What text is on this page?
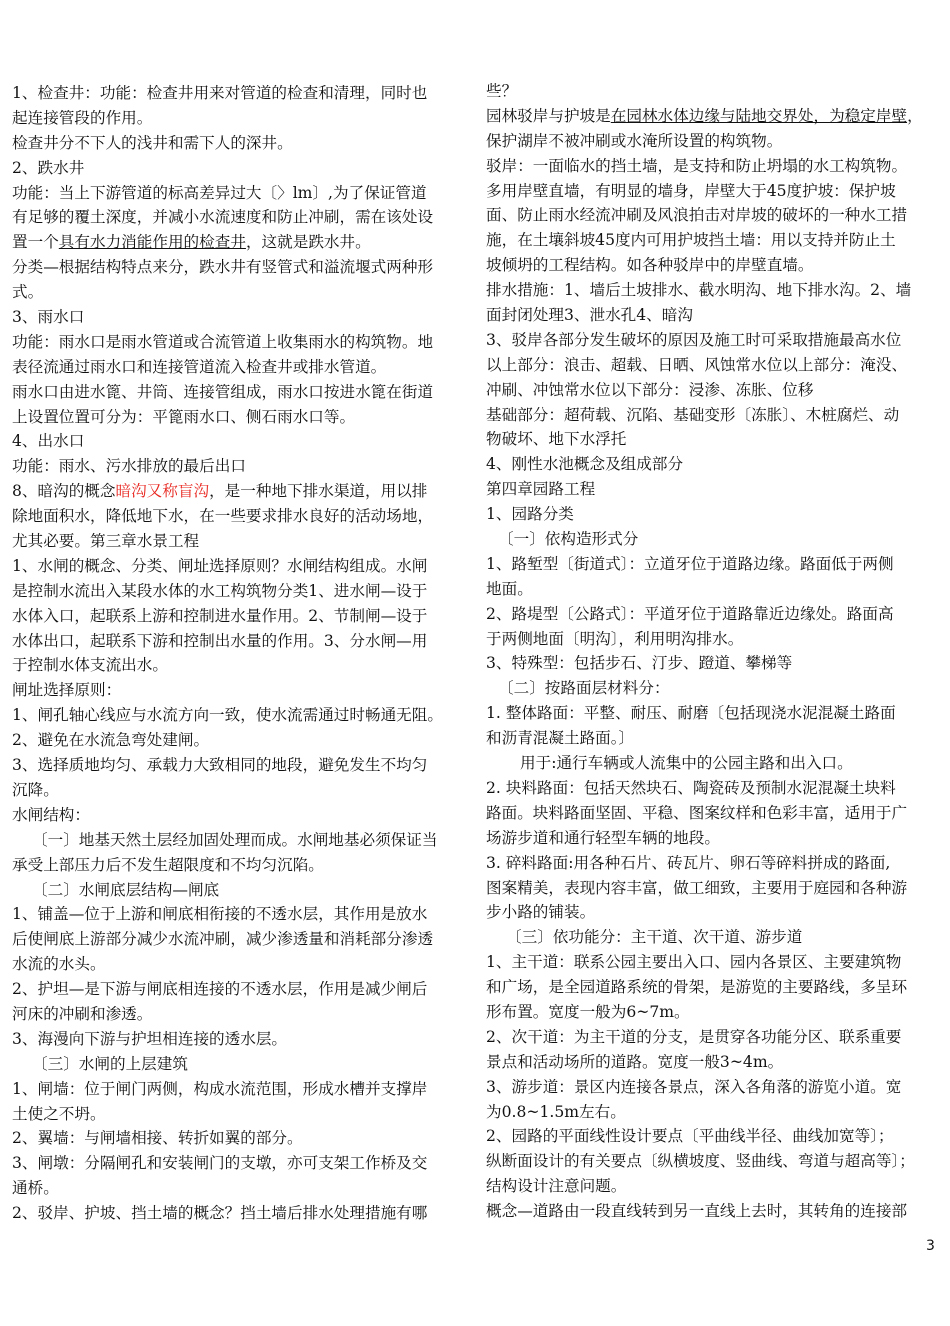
1、检查井：功能：检查井用来对管道的检查和清理，同时也
起连接管段的作用。
检查井分不下人的浅井和需下人的深井。
2、跌水井
功能：当上下游管道的标高差异过大〔〉lm〕,为了保证管道
有足够的覆土深度，并减小水流速度和防止冲刷，需在该处设
置一个具有水力消能作用的检查井，这就是跌水井。
分类—根据结构特点来分，跌水井有竖管式和溢流堰式两种形
式。
3、雨水口
功能：雨水口是雨水管道或合流管道上收集雨水的构筑物。地
表径流通过雨水口和连接管道流入检查井或排水管道。
雨水口由进水篦、井筒、连接管组成，雨水口按进水篦在街道
上设置位置可分为：平篦雨水口、侧石雨水口等。
4、出水口
功能：雨水、污水排放的最后出口
8、暗沟的概念暗沟又称盲沟，是一种地下排水渠道，用以排
除地面积水，降低地下水，在一些要求排水良好的活动场地，
尤其必要。第三章水景工程
1、水闸的概念、分类、闸址选择原则？水闸结构组成。水闸
是控制水流出入某段水体的水工构筑物分类1、进水闸—设于
水体入口，起联系上游和控制进水量作用。2、节制闸—设于
水体出口，起联系下游和控制出水量的作用。3、分水闸—用
于控制水体支流出水。
闸址选择原则：
1、闸孔轴心线应与水流方向一致，使水流需通过时畅通无阻。
2、避免在水流急弯处建闸。
3、选择质地均匀、承载力大致相同的地段，避免发生不均匀
沉降。
水闸结构：
〔一〕地基天然土层经加固处理而成。水闸地基必须保证当
承受上部压力后不发生超限度和不均匀沉陷。
〔二〕水闸底层结构—闸底
1、铺盖—位于上游和闸底相衔接的不透水层，其作用是放水
后使闸底上游部分减少水流冲刷，减少渗透量和消耗部分渗透
水流的水头。
2、护坦—是下游与闸底相连接的不透水层，作用是减少闸后
河床的冲刷和渗透。
3、海漫向下游与护坦相连接的透水层。
〔三〕水闸的上层建筑
1、闸墙：位于闸门两侧，构成水流范围，形成水槽并支撑岸
土使之不坍。
2、翼墙：与闸墙相接、转折如翼的部分。
3、闸墩：分隔闸孔和安装闸门的支墩，亦可支架工作桥及交
通桥。
2、驳岸、护坡、挡土墙的概念？挡土墙后排水处理措施有哪
些？
园林驳岸与护坡是在园林水体边缘与陆地交界处，为稳定岸壁，
保护湖岸不被冲刷或水淹所设置的构筑物。
驳岸：一面临水的挡土墙，是支持和防止坍塌的水工构筑物。
多用岸壁直墙，有明显的墙身，岸壁大于45度护坡：保护坡
面、防止雨水经流冲刷及风浪拍击对岸坡的破坏的一种水工措
施，在土壤斜坡45度内可用护坡挡土墙：用以支持并防止土
坡倾坍的工程结构。如各种驳岸中的岸壁直墙。
排水措施：1、墙后土坡排水、截水明沟、地下排水沟。2、墙
面封闭处理3、泄水孔4、暗沟
3、驳岸各部分发生破坏的原因及施工时可采取措施最高水位
以上部分：浪击、超载、日晒、风蚀常水位以上部分：淹没、
冲刷、冲蚀常水位以下部分：浸渗、冻胀、位移
基础部分：超荷载、沉陷、基础变形〔冻胀〕、木桩腐烂、动
物破坏、地下水浮托
4、刚性水池概念及组成部分
第四章园路工程
1、园路分类
〔一〕依构造形式分
1、路堑型〔街道式〕：立道牙位于道路边缘。路面低于两侧
地面。
2、路堤型〔公路式〕：平道牙位于道路靠近边缘处。路面高
于两侧地面〔明沟〕，利用明沟排水。
3、特殊型：包括步石、汀步、蹬道、攀梯等
〔二〕按路面层材料分：
1. 整体路面：平整、耐压、耐磨〔包括现浇水泥混凝土路面
和沥青混凝土路面。〕
用于:通行车辆或人流集中的公园主路和出入口。
2. 块料路面：包括天然块石、陶瓷砖及预制水泥混凝土块料
路面。块料路面坚固、平稳、图案纹样和色彩丰富，适用于广
场游步道和通行轻型车辆的地段。
3. 碎料路面:用各种石片、砖瓦片、卵石等碎料拼成的路面,
图案精美，表现内容丰富，做工细致，主要用于庭园和各种游
步小路的铺装。
〔三〕依功能分：主干道、次干道、游步道
1、主干道：联系公园主要出入口、园内各景区、主要建筑物
和广场，是全园道路系统的骨架，是游览的主要路线，多呈环
形布置。宽度一般为6~7m。
2、次干道：为主干道的分支，是贯穿各功能分区、联系重要
景点和活动场所的道路。宽度一般3~4m。
3、游步道：景区内连接各景点，深入各角落的游览小道。宽
为0.8~1.5m左右。
2、园路的平面线性设计要点〔平曲线半径、曲线加宽等〕；
纵断面设计的有关要点〔纵横坡度、竖曲线、弯道与超高等〕；
结构设计注意问题。
概念—道路由一段直线转到另一直线上去时，其转角的连接部
3
